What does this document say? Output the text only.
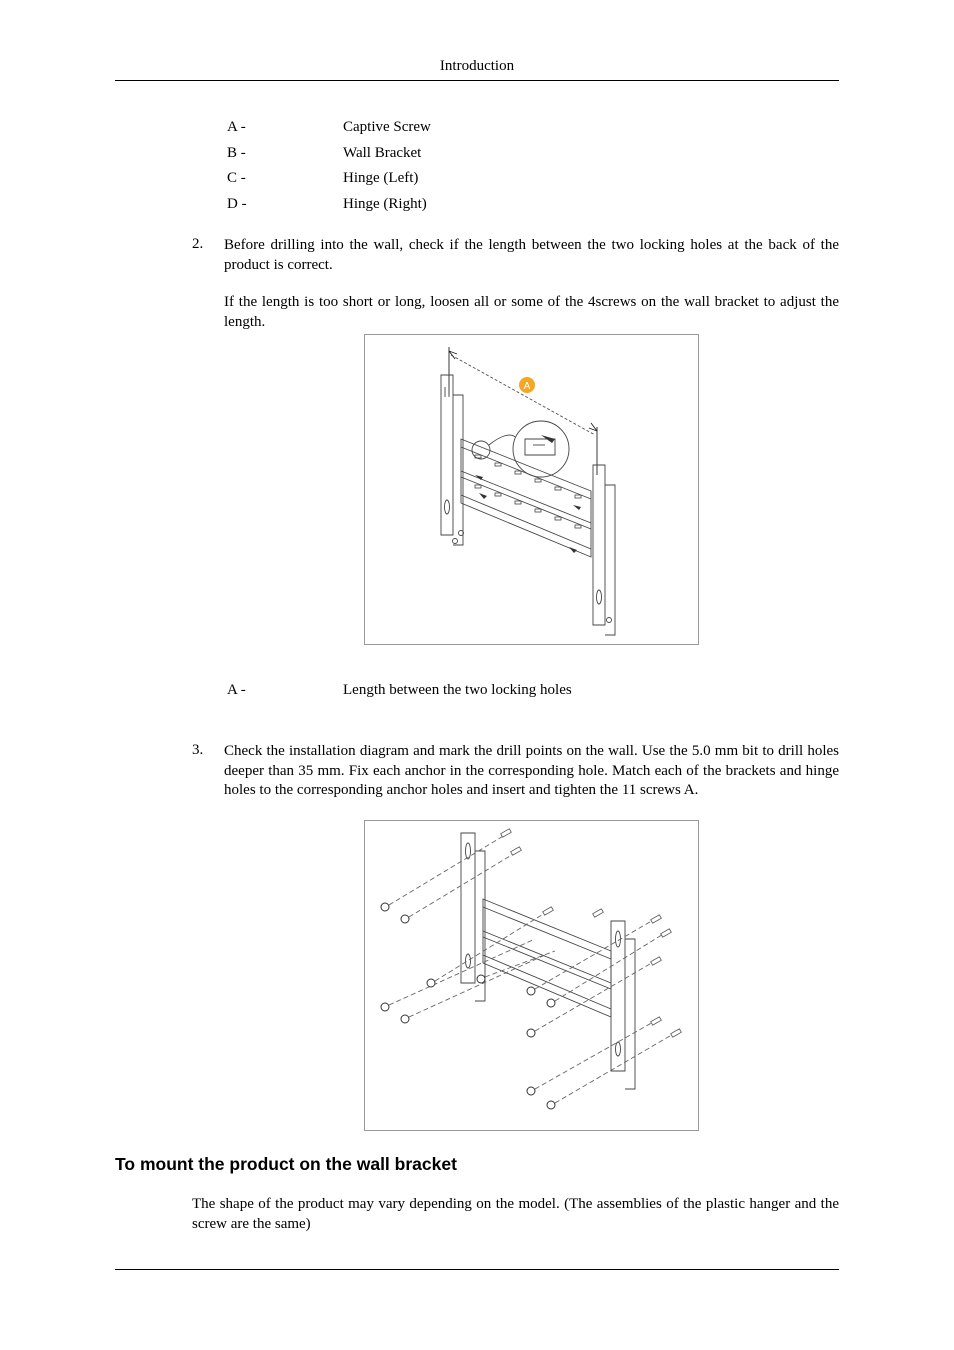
Introduction
A -	Captive Screw
B -	Wall Bracket
C -	Hinge (Left)
D -	Hinge (Right)
2. Before drilling into the wall, check if the length between the two locking holes at the back of the product is correct.

If the length is too short or long, loosen all or some of the 4screws on the wall bracket to adjust the length.

A
A -	Length between the two locking holes
3. Check the installation diagram and mark the drill points on the wall. Use the 5.0 mm bit to drill holes deeper than 35 mm. Fix each anchor in the corresponding hole. Match each of the brackets and hinge holes to the corresponding anchor holes and insert and tighten the 11 screws A.

To mount the product on the wall bracket
The shape of the product may vary depending on the model. (The assemblies of the plastic hanger and the screw are the same)
